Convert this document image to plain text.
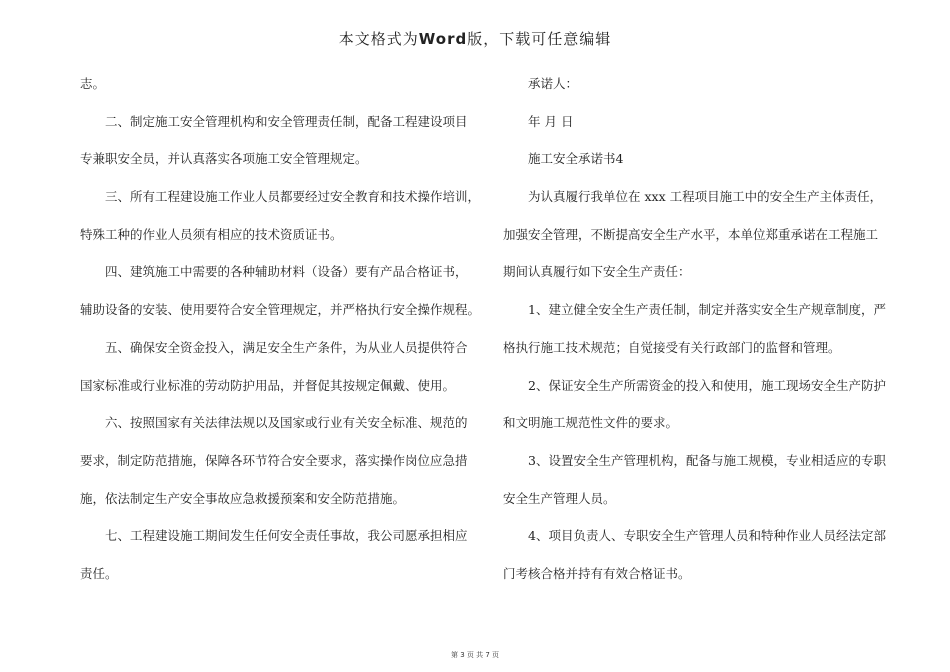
本文格式为Word版，下载可任意编辑
志。
二、制定施工安全管理机构和安全管理责任制，配备工程建设项目
专兼职安全员，并认真落实各项施工安全管理规定。
三、所有工程建设施工作业人员都要经过安全教育和技术操作培训，
特殊工种的作业人员须有相应的技术资质证书。
四、建筑施工中需要的各种辅助材料（设备）要有产品合格证书，
辅助设备的安装、使用要符合安全管理规定，并严格执行安全操作规程。
五、确保安全资金投入，满足安全生产条件，为从业人员提供符合
国家标准或行业标准的劳动防护用品，并督促其按规定佩戴、使用。
六、按照国家有关法律法规以及国家或行业有关安全标准、规范的
要求，制定防范措施，保障各环节符合安全要求，落实操作岗位应急措
施，依法制定生产安全事故应急救援预案和安全防范措施。
七、工程建设施工期间发生任何安全责任事故，我公司愿承担相应
责任。
承诺人：
年 月 日
施工安全承诺书4
为认真履行我单位在 xxx 工程项目施工中的安全生产主体责任，
加强安全管理，不断提高安全生产水平，本单位郑重承诺在工程施工
期间认真履行如下安全生产责任：
1、建立健全安全生产责任制，制定并落实安全生产规章制度，严
格执行施工技术规范；自觉接受有关行政部门的监督和管理。
2、保证安全生产所需资金的投入和使用，施工现场安全生产防护
和文明施工规范性文件的要求。
3、设置安全生产管理机构，配备与施工规模，专业相适应的专职
安全生产管理人员。
4、项目负责人、专职安全生产管理人员和特种作业人员经法定部
门考核合格并持有有效合格证书。
第 3 页 共 7 页
